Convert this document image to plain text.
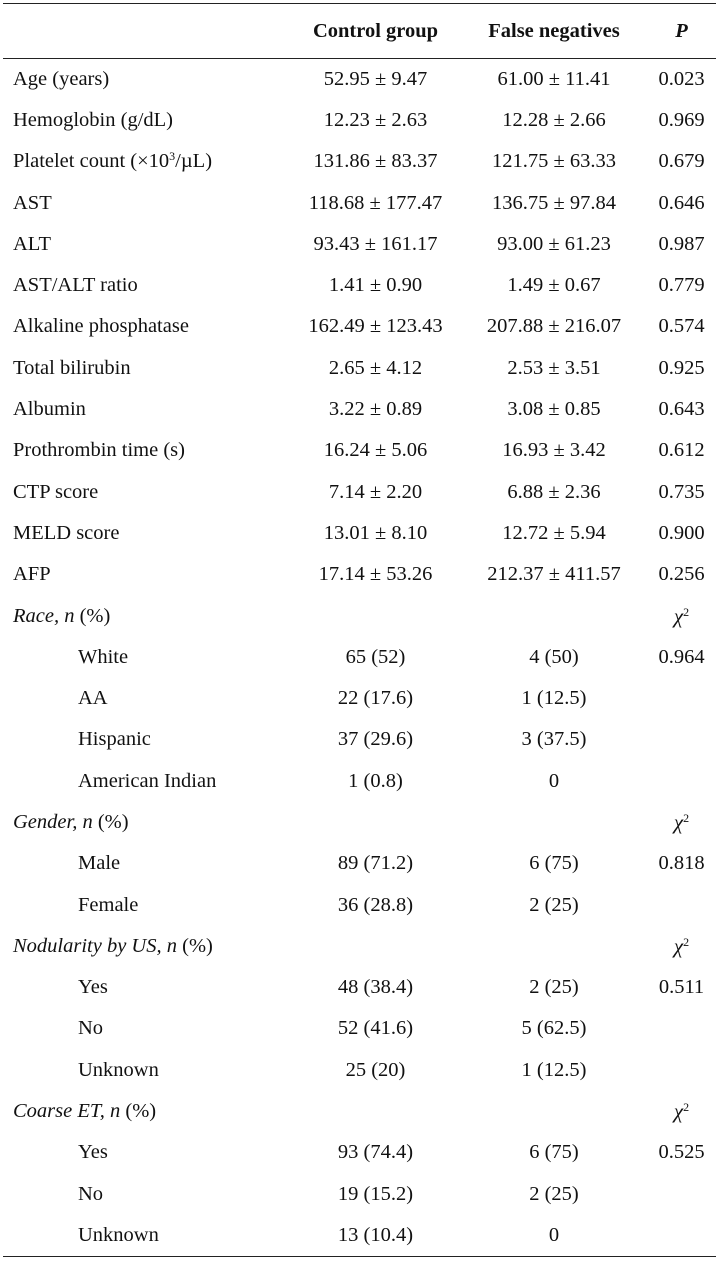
	Control group	False negatives	P
Age (years)	52.95 ± 9.47	61.00 ± 11.41	0.023
Hemoglobin (g/dL)	12.23 ± 2.63	12.28 ± 2.66	0.969
Platelet count $(\times 10^3/\mu L)$	131.86 ± 83.37	121.75 ± 63.33	0.679
AST	118.68 ± 177.47	136.75 ± 97.84	0.646
ALT	93.43 ± 161.17	93.00 ± 61.23	0.987
AST/ALT ratio	1.41 ± 0.90	1.49 ± 0.67	0.779
Alkaline phosphatase	162.49 ± 123.43	207.88 ± 216.07	0.574
Total bilirubin	2.65 ± 4.12	2.53 ± 3.51	0.925
Albumin	3.22 ± 0.89	3.08 ± 0.85	0.643
Prothrombin time (s)	16.24 ± 5.06	16.93 ± 3.42	0.612
CTP score	7.14 ± 2.20	6.88 ± 2.36	0.735
MELD score	13.01 ± 8.10	12.72 ± 5.94	0.900
AFP	17.14 ± 53.26	212.37 ± 411.57	0.256
Race, n (%)			$\chi^2$
White	65 (52)	4 (50)	0.964
AA	22 (17.6)	1 (12.5)	
Hispanic	37 (29.6)	3 (37.5)	
American Indian	1 (0.8)	0	
Gender, n (%)			$\chi^2$
Male	89 (71.2)	6 (75)	0.818
Female	36 (28.8)	2 (25)	
Nodularity by US, n (%)			$\chi^2$
Yes	48 (38.4)	2 (25)	0.511
No	52 (41.6)	5 (62.5)	
Unknown	25 (20)	1 (12.5)	
Coarse ET, n (%)			$\chi^2$
Yes	93 (74.4)	6 (75)	0.525
No	19 (15.2)	2 (25)	
Unknown	13 (10.4)	0	
